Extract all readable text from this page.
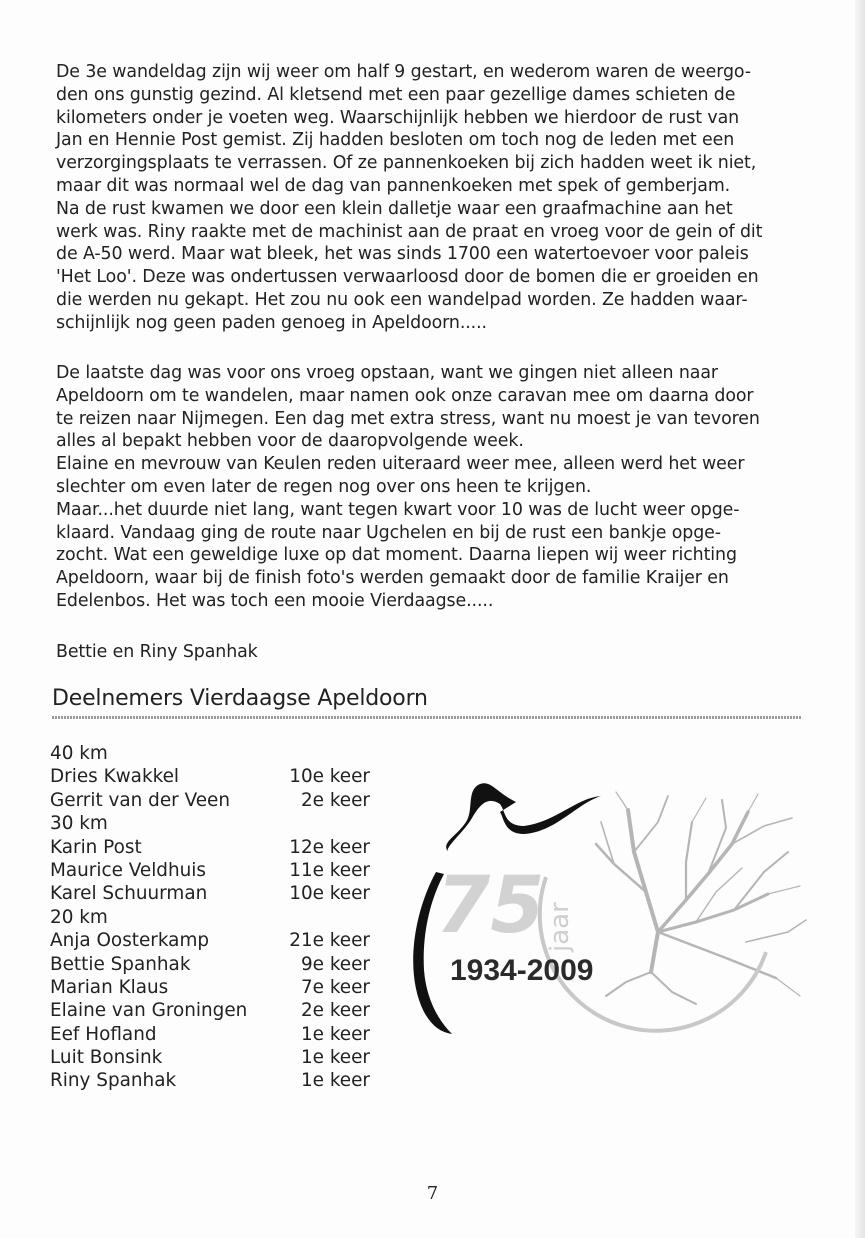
De 3e wandeldag zijn wij weer om half 9 gestart, en wederom waren de weergo-
den ons gunstig gezind. Al kletsend met een paar gezellige dames schieten de
kilometers onder je voeten weg. Waarschijnlijk hebben we hierdoor de rust van
Jan en Hennie Post gemist. Zij hadden besloten om toch nog de leden met een
verzorgingsplaats te verrassen. Of ze pannenkoeken bij zich hadden weet ik niet,
maar dit was normaal wel de dag van pannenkoeken met spek of gemberjam.
Na de rust kwamen we door een klein dalletje waar een graafmachine aan het
werk was. Riny raakte met de machinist aan de praat en vroeg voor de gein of dit
de A-50 werd. Maar wat bleek, het was sinds 1700 een watertoevoer voor paleis
'Het Loo'. Deze was ondertussen verwaarloosd door de bomen die er groeiden en
die werden nu gekapt. Het zou nu ook een wandelpad worden. Ze hadden waar-
schijnlijk nog geen paden genoeg in Apeldoorn.....
De laatste dag was voor ons vroeg opstaan, want we gingen niet alleen naar
Apeldoorn om te wandelen, maar namen ook onze caravan mee om daarna door
te reizen naar Nijmegen. Een dag met extra stress, want nu moest je van tevoren
alles al bepakt hebben voor de daaropvolgende week.
Elaine en mevrouw van Keulen reden uiteraard weer mee, alleen werd het weer
slechter om even later de regen nog over ons heen te krijgen.
Maar...het duurde niet lang, want tegen kwart voor 10 was de lucht weer opge-
klaard. Vandaag ging de route naar Ugchelen en bij de rust een bankje opge-
zocht. Wat een geweldige luxe op dat moment. Daarna liepen wij weer richting
Apeldoorn, waar bij de finish foto's werden gemaakt door de familie Kraijer en
Edelenbos. Het was toch een mooie Vierdaagse.....
Bettie en Riny Spanhak
Deelnemers Vierdaagse Apeldoorn
40 km
Dries Kwakkel	10e keer
Gerrit van der Veen	2e keer
30 km
Karin Post	12e keer
Maurice Veldhuis	11e keer
Karel Schuurman	10e keer
20 km
Anja Oosterkamp	21e keer
Bettie Spanhak	9e keer
Marian Klaus	7e keer
Elaine van Groningen	2e keer
Eef Hofland	1e keer
Luit Bonsink	1e keer
Riny Spanhak	1e keer
75 jaar
1934-2009
7
